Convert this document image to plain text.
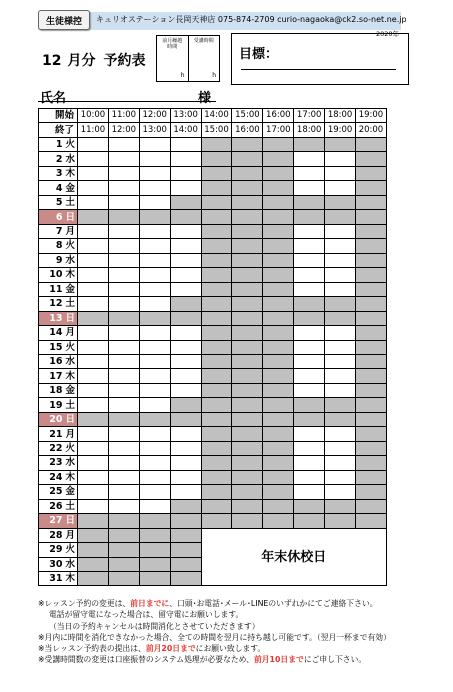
生徒様控	キュリオステーション長岡天神店 075-874-2709 curio-nagaoka@ck2.so-net.ne.jp
2020年
12 月分 予約表
前月繰越
時間
h
受講時間
h
目標：
氏名	様
開	始	10:00	11:00	12:00	13:00	14:00	15:00	16:00	17:00	18:00	19:00
終	了	11:00	12:00	13:00	14:00	15:00	16:00	17:00	18:00	19:00	20:00
1	火										
2	水										
3	木										
4	金										
5	土										
6	日										
7	月										
8	火										
9	水										
10	木										
11	金										
12	土										
13	日										
14	月										
15	火										
16	水										
17	木										
18	金										
19	土										
20	日										
21	月										
22	火										
23	水										
24	木										
25	金										
26	土										
27	日										
28	月					年末休校日					
29	火										
30	水										
31	木										
※レッスン予約の変更は、前日までに、口頭･お電話･メール･LINEのいずれかにてご連絡下さい。
電話が留守電になった場合は、留守電にお願いします。
（当日の予約キャンセルは時間消化とさせていただきます）
※月内に時間を消化できなかった場合、全ての時間を翌月に持ち越し可能です。（翌月一杯まで有効）
※当レッスン予約表の提出は、前月20日までにお願い致します。
※受講時間数の変更は口座振替のシステム処理が必要なため、前月10日までにご申し下さい。
